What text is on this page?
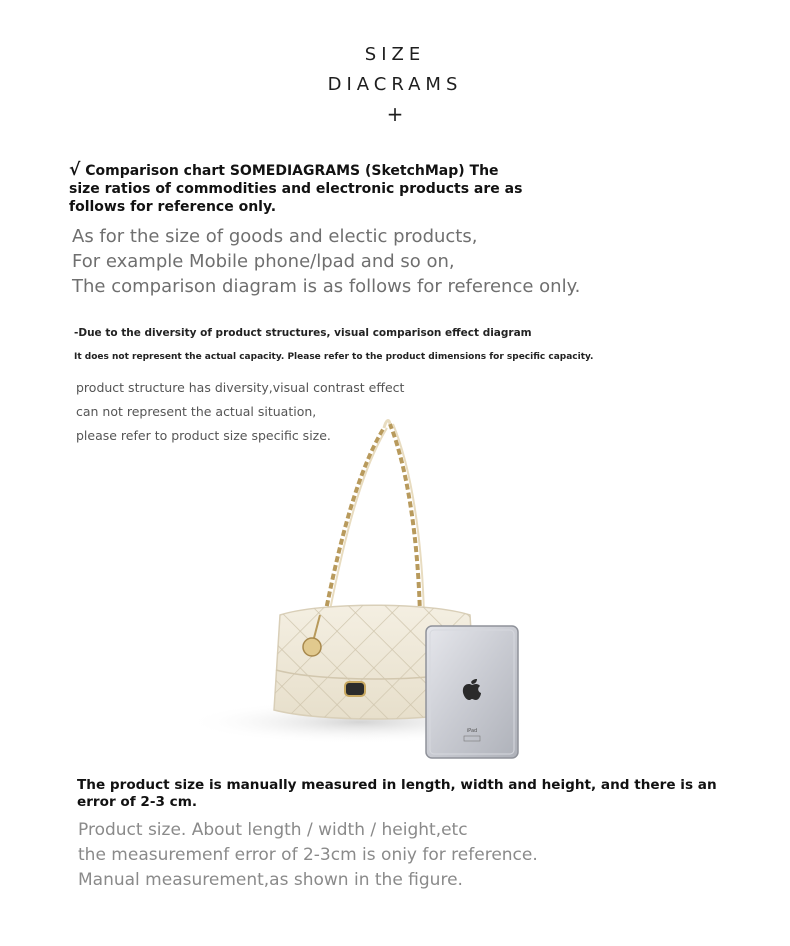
SIZE
DIACRAMS
+
√ Comparison chart SOMEDIAGRAMS (SketchMap) The
size ratios of commodities and electronic products are as
follows for reference only.
As for the size of goods and electic products,
For example Mobile phone/lpad and so on,
The comparison diagram is as follows for reference only.
-Due to the diversity of product structures, visual comparison effect diagram
It does not represent the actual capacity. Please refer to the product dimensions for specific capacity.
product structure has diversity,visual contrast effect
can not represent the actual situation,
please refer to product size specific size.
iPad
The product size is manually measured in length, width and height, and there is an
error of 2-3 cm.
Product size. About length / width / height,etc
the measuremenf error of 2-3cm is oniy for reference.
Manual measurement,as shown in the figure.
